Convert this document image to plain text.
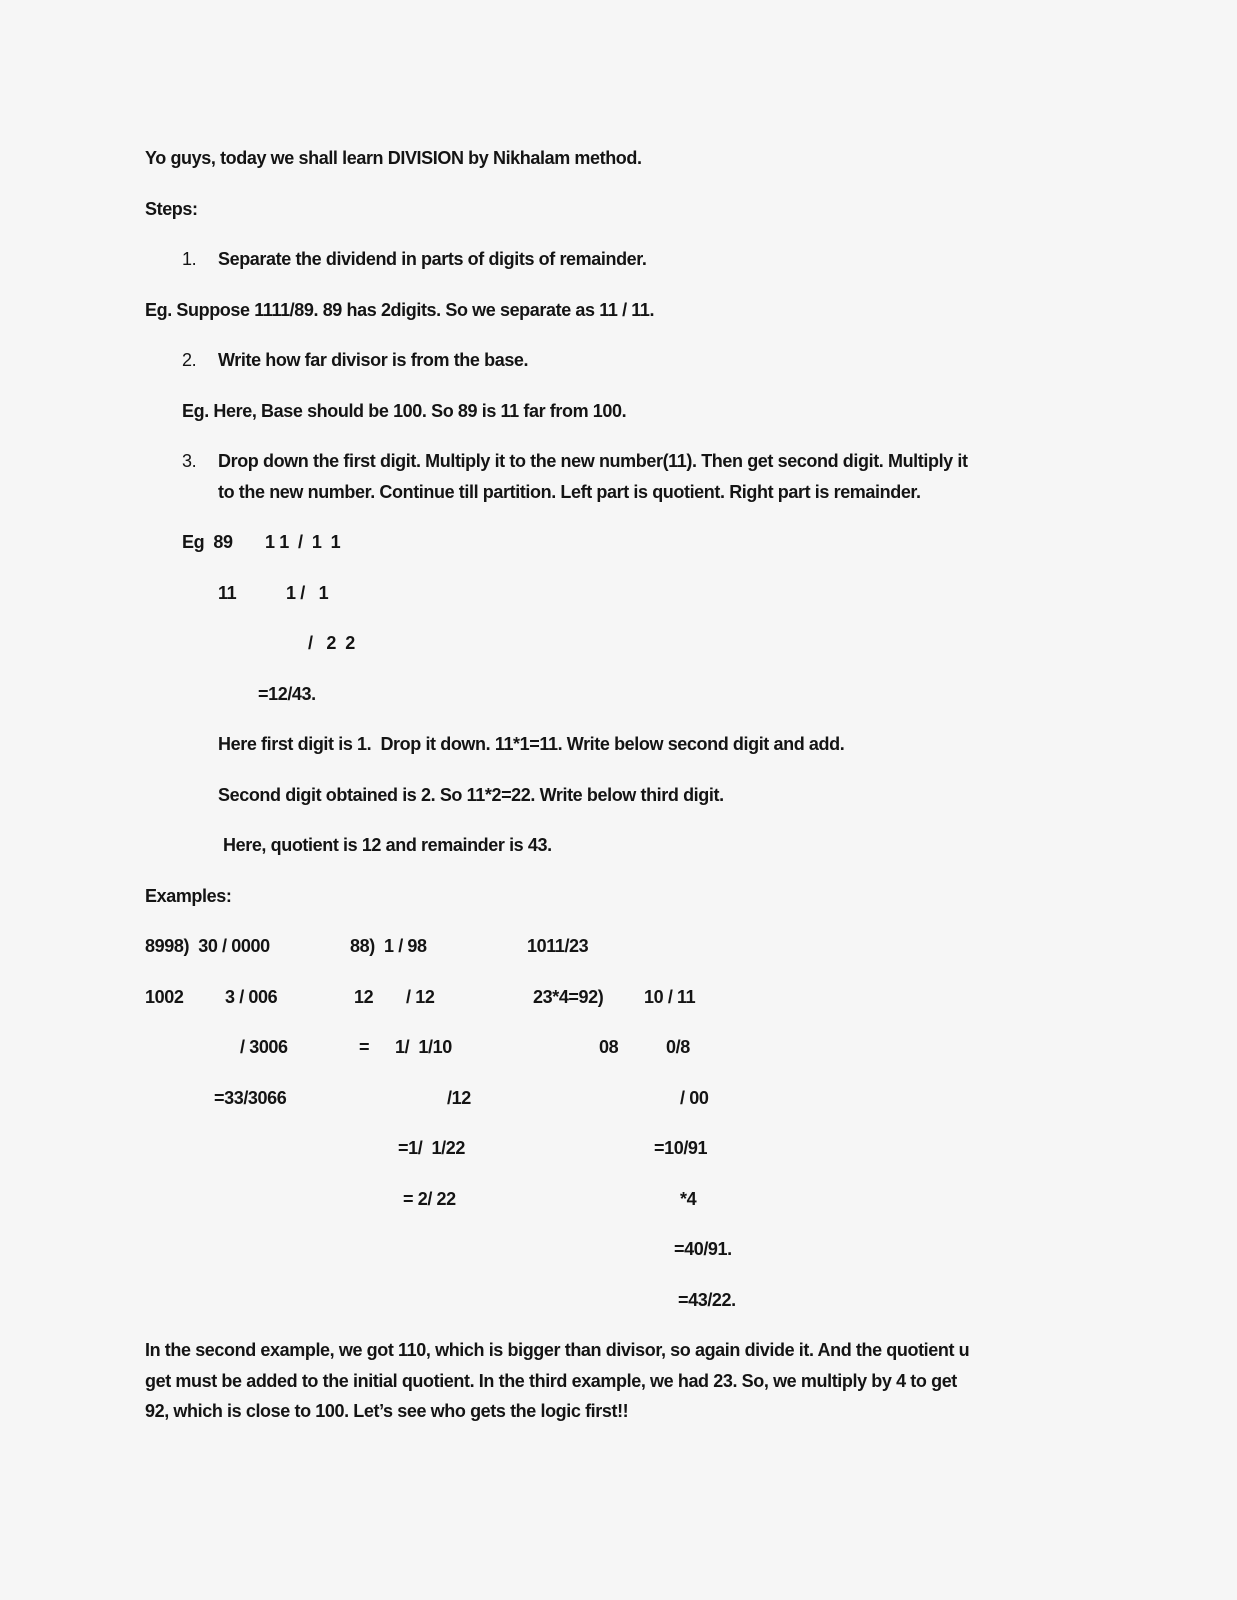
Yo guys, today we shall learn DIVISION by Nikhalam method.
Steps:
1. Separate the dividend in parts of digits of remainder.
Eg. Suppose 1111/89. 89 has 2digits. So we separate as 11 / 11.
2. Write how far divisor is from the base.
Eg. Here, Base should be 100. So 89 is 11 far from 100.
3. Drop down the first digit. Multiply it to the new number(11). Then get second digit. Multiply it
to the new number. Continue till partition. Left part is quotient. Right part is remainder.
Eg  89 1 1  /  1  1
11	1 /   1
/   2  2
=12/43.
Here first digit is 1.  Drop it down. 11*1=11. Write below second digit and add.
Second digit obtained is 2. So 11*2=22. Write below third digit.
Here, quotient is 12 and remainder is 43.
Examples:
8998)  30 / 0000
1002 3 / 006
/ 3006
=33/3066
88)  1 / 98
12 / 12
= 1/  1/10
/12
=1/  1/22
= 2/ 22
1011/23
23*4=92) 10 / 11
08	0/8
/ 00
=10/91
*4
=40/91.
=43/22.
In the second example, we got 110, which is bigger than divisor, so again divide it. And the quotient u
get must be added to the initial quotient. In the third example, we had 23. So, we multiply by 4 to get
92, which is close to 100. Let’s see who gets the logic first!!
